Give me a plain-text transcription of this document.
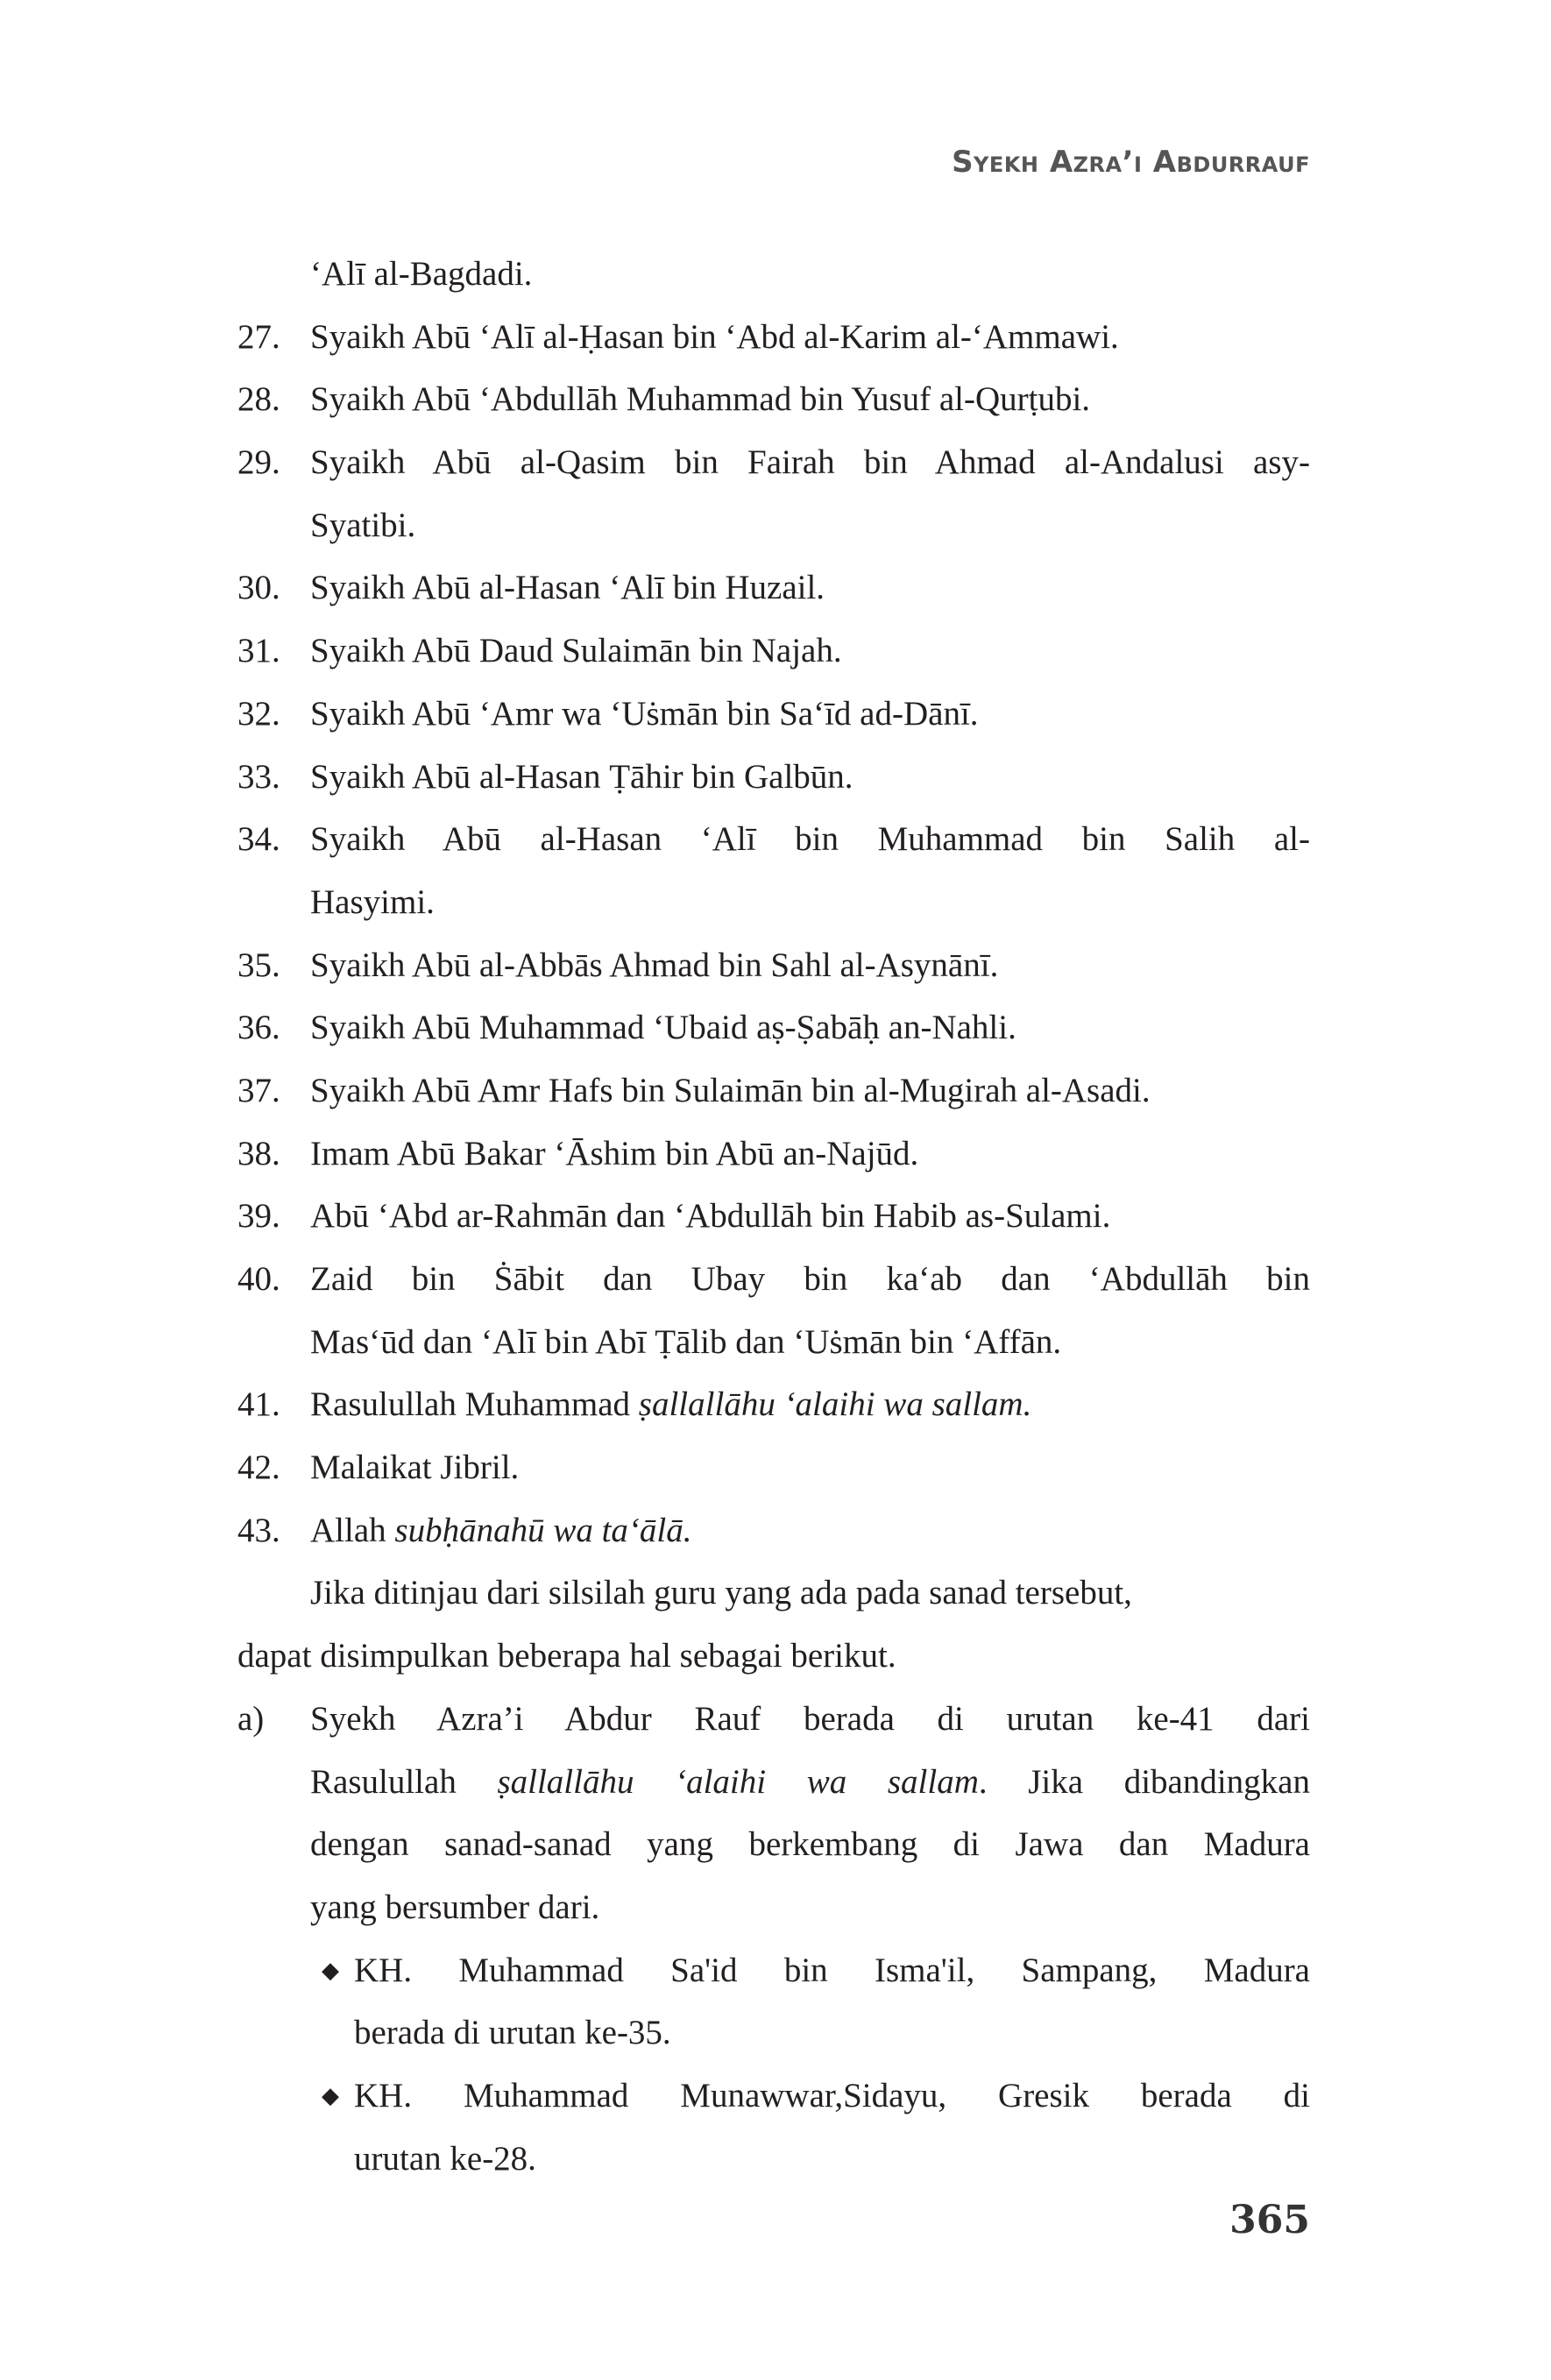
Syekh Azra’i Abdurrauf
‘Alī al-Bagdadi.
27. Syaikh Abū ‘Alī al-Ḥasan bin ‘Abd al-Karim al-‘Ammawi.
28. Syaikh Abū ‘Abdullāh Muhammad bin Yusuf al-Qurṭubi.
29. Syaikh Abū al-Qasim bin Fairah bin Ahmad al-Andalusi asy-
Syatibi.
30. Syaikh Abū al-Hasan ‘Alī bin Huzail.
31. Syaikh Abū Daud Sulaimān bin Najah.
32. Syaikh Abū ‘Amr wa ‘Uṡmān bin Sa‘īd ad-Dānī.
33. Syaikh Abū al-Hasan Ṭāhir bin Galbūn.
34. Syaikh Abū al-Hasan ‘Alī bin Muhammad bin Salih al-
Hasyimi.
35. Syaikh Abū al-Abbās Ahmad bin Sahl al-Asynānī.
36. Syaikh Abū Muhammad ‘Ubaid aṣ-Ṣabāḥ an-Nahli.
37. Syaikh Abū Amr Hafs bin Sulaimān bin al-Mugirah al-Asadi.
38. Imam Abū Bakar ‘Āshim bin Abū an-Najūd.
39. Abū ‘Abd ar-Rahmān dan ‘Abdullāh bin Habib as-Sulami.
40. Zaid bin Ṡābit dan Ubay bin ka‘ab dan ‘Abdullāh bin
Mas‘ūd dan ‘Alī bin Abī Ṭālib dan ‘Uṡmān bin ‘Affān.
41. Rasulullah Muhammad ṣallallāhu ‘alaihi wa sallam.
42. Malaikat Jibril.
43. Allah subḥānahū wa ta‘ālā.
Jika ditinjau dari silsilah guru yang ada pada sanad tersebut,
dapat disimpulkan beberapa hal sebagai berikut.
a) Syekh Azra’i Abdur Rauf berada di urutan ke-41 dari
Rasulullah ṣallallāhu ‘alaihi wa sallam. Jika dibandingkan
dengan sanad-sanad yang berkembang di Jawa dan Madura
yang bersumber dari.
◆ KH. Muhammad Sa'id bin Isma'il, Sampang, Madura
berada di urutan ke-35.
◆ KH. Muhammad Munawwar,Sidayu, Gresik berada di
urutan ke-28.
365
